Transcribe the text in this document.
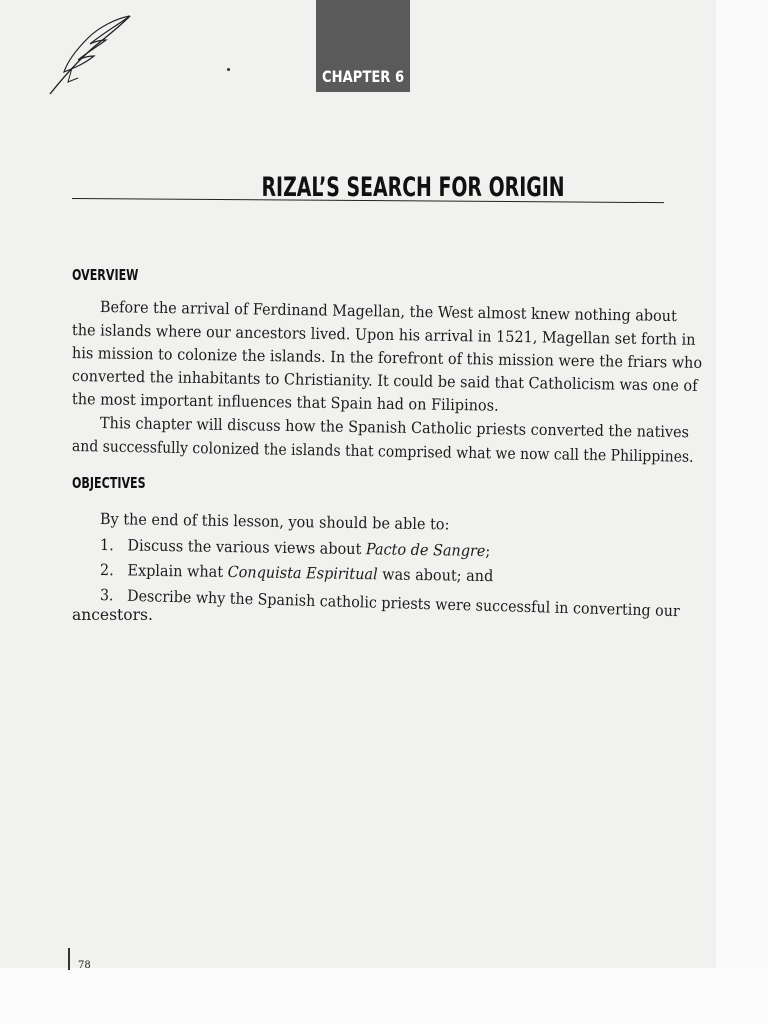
CHAPTER 6
RIZAL’S SEARCH FOR ORIGIN
OVERVIEW
Before the arrival of Ferdinand Magellan, the West almost knew nothing about
the islands where our ancestors lived. Upon his arrival in 1521, Magellan set forth in
his mission to colonize the islands. In the forefront of this mission were the friars who
converted the inhabitants to Christianity. It could be said that Catholicism was one of
the most important influences that Spain had on Filipinos.
This chapter will discuss how the Spanish Catholic priests converted the natives
and successfully colonized the islands that comprised what we now call the Philippines.
OBJECTIVES
By the end of this lesson, you should be able to:
1. Discuss the various views about Pacto de Sangre;
2. Explain what Conquista Espiritual was about; and
3. Describe why the Spanish catholic priests were successful in converting our
ancestors.
78
